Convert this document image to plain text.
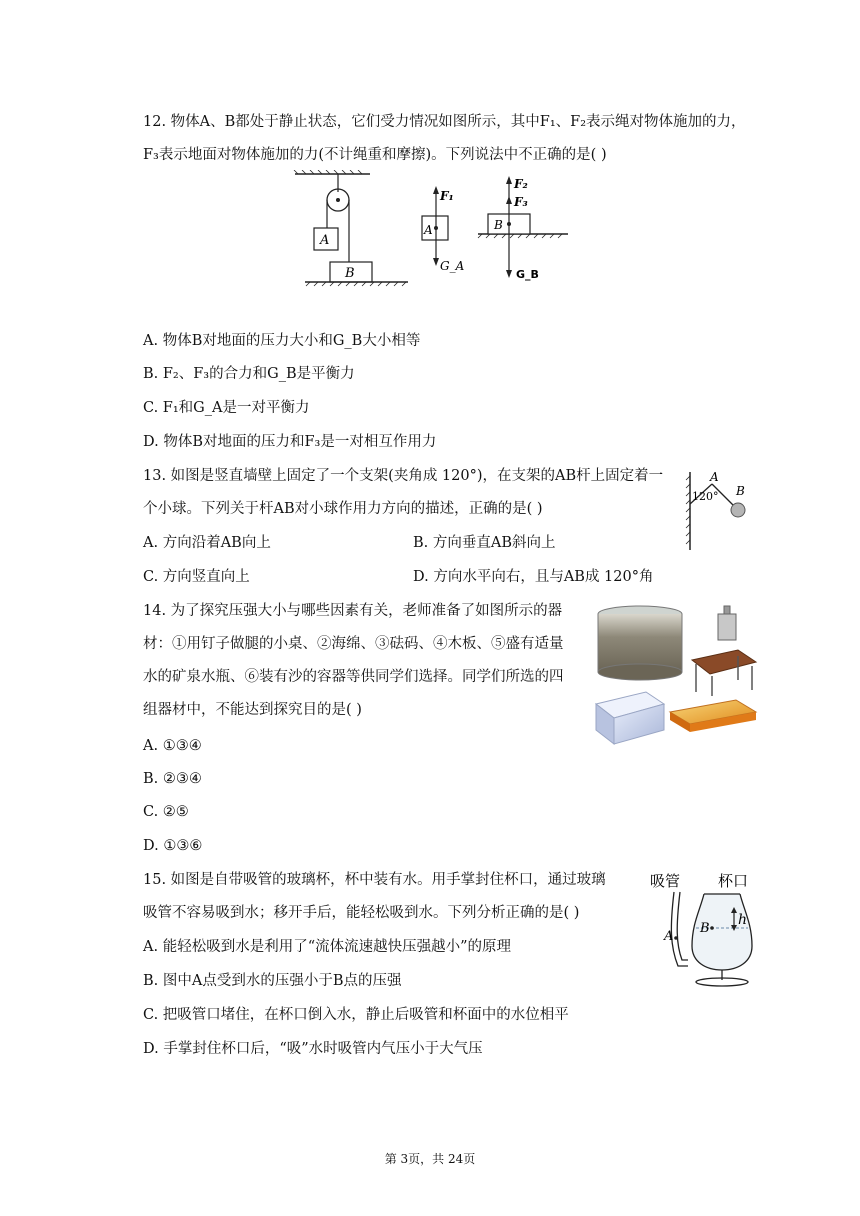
12. 物体A、B都处于静止状态，它们受力情况如图所示，其中F₁、F₂表示绳对物体施加的力，
F₃表示地面对物体施加的力(不计绳重和摩擦)。下列说法中不正确的是( )
A
B
A
F₁
G_A
B
F₂
F₃
G_B
A. 物体B对地面的压力大小和G_B大小相等
B. F₂、F₃的合力和G_B是平衡力
C. F₁和G_A是一对平衡力
D. 物体B对地面的压力和F₃是一对相互作用力
13. 如图是竖直墙壁上固定了一个支架(夹角成 120°)，在支架的AB杆上固定着一
个小球。下列关于杆AB对小球作用力方向的描述，正确的是( )
A
B
120°
A. 方向沿着AB向上	B. 方向垂直AB斜向上
C. 方向竖直向上	D. 方向水平向右，且与AB成 120°角
14. 为了探究压强大小与哪些因素有关，老师准备了如图所示的器
材：①用钉子做腿的小桌、②海绵、③砝码、④木板、⑤盛有适量
水的矿泉水瓶、⑥装有沙的容器等供同学们选择。同学们所选的四
组器材中，不能达到探究目的是( )
A. ①③④
B. ②③④
C. ②⑤
D. ①③⑥
15. 如图是自带吸管的玻璃杯，杯中装有水。用手掌封住杯口，通过玻璃
吸管不容易吸到水；移开手后，能轻松吸到水。下列分析正确的是( )
吸管	杯口
h
B
A
A. 能轻松吸到水是利用了“流体流速越快压强越小”的原理
B. 图中A点受到水的压强小于B点的压强
C. 把吸管口堵住，在杯口倒入水，静止后吸管和杯面中的水位相平
D. 手掌封住杯口后，“吸”水时吸管内气压小于大气压
第 3页，共 24页
